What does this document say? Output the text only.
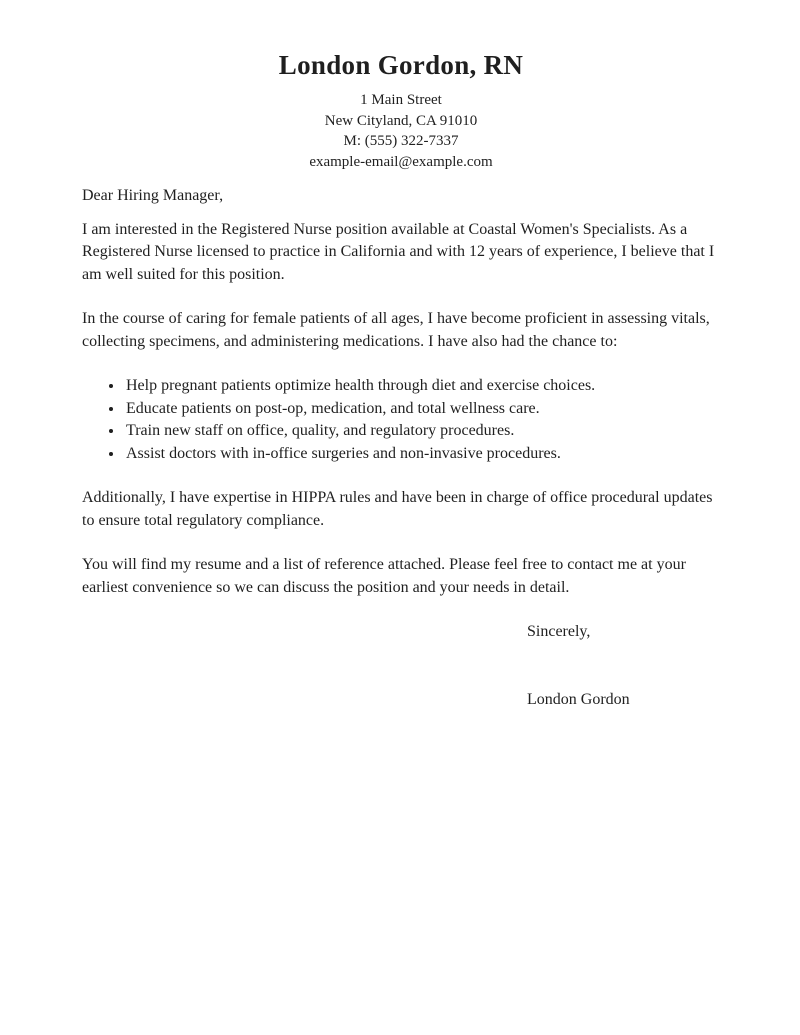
London Gordon, RN

1 Main Street

New Cityland, CA 91010

M: (555) 322-7337

example-email@example.com

Dear Hiring Manager,

I am interested in the Registered Nurse position available at Coastal Women's Specialists. As a Registered Nurse licensed to practice in California and with 12 years of experience, I believe that I am well suited for this position.

In the course of caring for female patients of all ages, I have become proficient in assessing vitals, collecting specimens, and administering medications. I have also had the chance to:

• Help pregnant patients optimize health through diet and exercise choices.
• Educate patients on post-op, medication, and total wellness care.
• Train new staff on office, quality, and regulatory procedures.
• Assist doctors with in-office surgeries and non-invasive procedures.

Additionally, I have expertise in HIPPA rules and have been in charge of office procedural updates to ensure total regulatory compliance.

You will find my resume and a list of reference attached. Please feel free to contact me at your earliest convenience so we can discuss the position and your needs in detail.

Sincerely,

London Gordon
